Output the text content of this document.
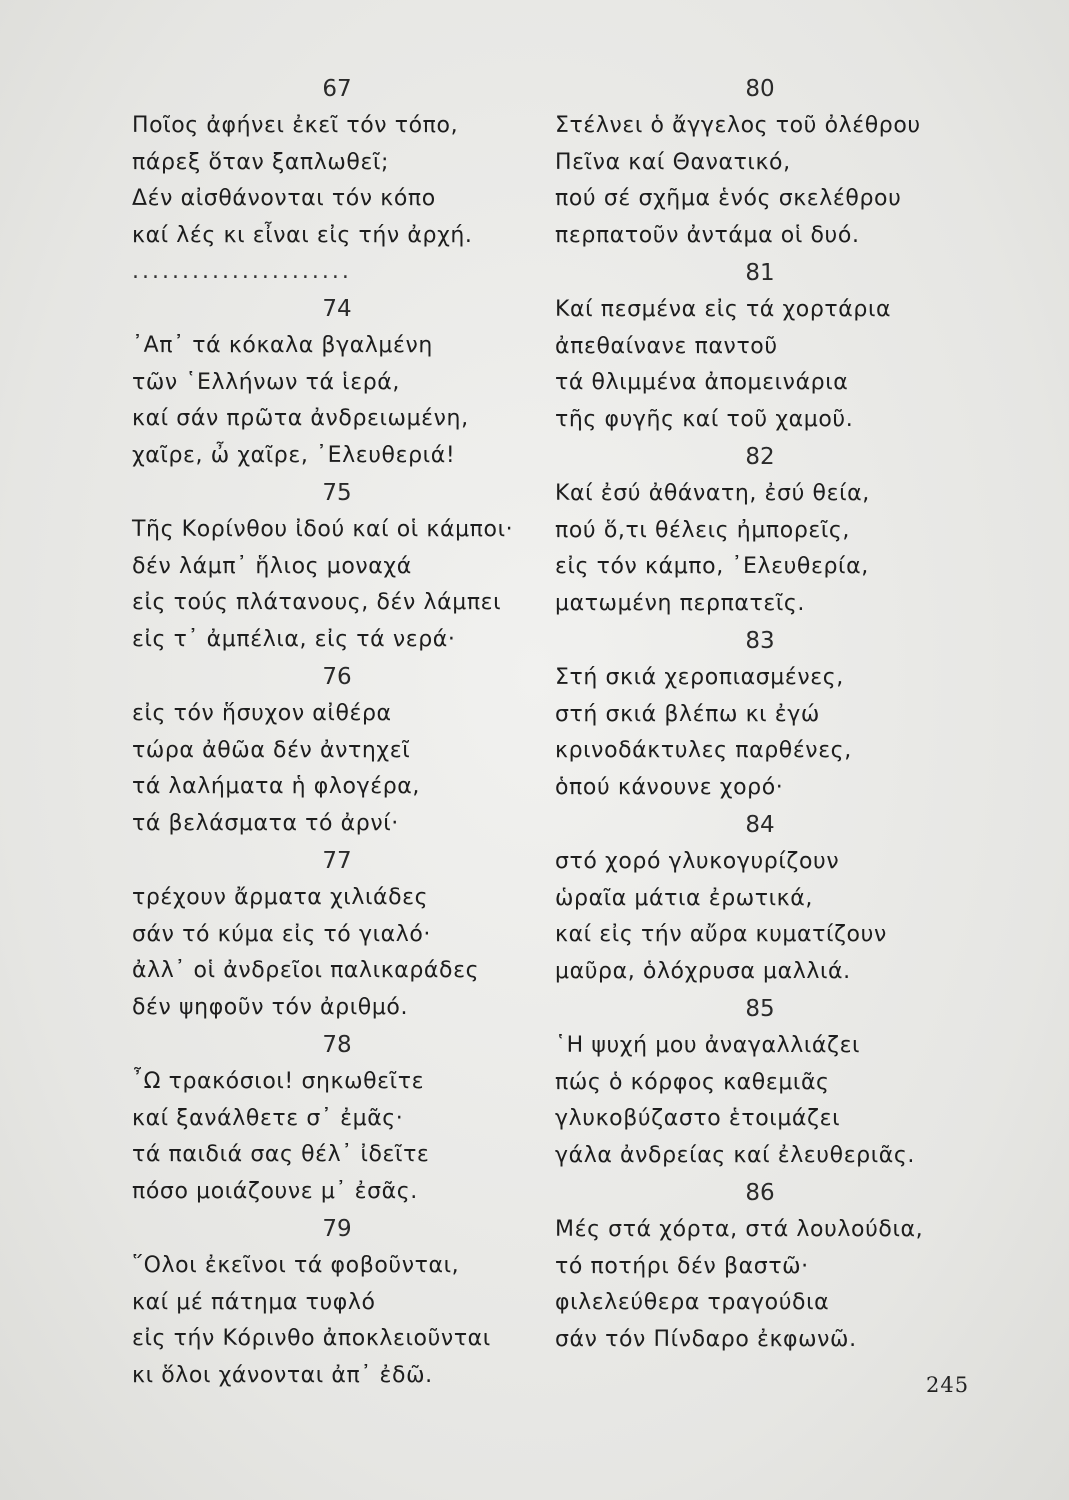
67
Ποῖος ἀφήνει ἐκεῖ τόν τόπο,
πάρεξ ὅταν ξαπλωθεῖ;
Δέν αἰσθάνονται τόν κόπο
καί λές κι εἶναι εἰς τήν ἀρχή.
......................
74
᾿Απ᾿ τά κόκαλα βγαλμένη
τῶν ῾Ελλήνων τά ἱερά,
καί σάν πρῶτα ἀνδρειωμένη,
χαῖρε, ὦ χαῖρε, ᾿Ελευθεριά!
75
Τῆς Κορίνθου ἰδού καί οἱ κάμποι·
δέν λάμπ᾿ ἥλιος μοναχά
εἰς τούς πλάτανους, δέν λάμπει
εἰς τ᾿ ἀμπέλια, εἰς τά νερά·
76
εἰς τόν ἥσυχον αἰθέρα
τώρα ἀθῶα δέν ἀντηχεῖ
τά λαλήματα ἡ φλογέρα,
τά βελάσματα τό ἀρνί·
77
τρέχουν ἄρματα χιλιάδες
σάν τό κύμα εἰς τό γιαλό·
ἀλλ᾿ οἱ ἀνδρεῖοι παλικαράδες
δέν ψηφοῦν τόν ἀριθμό.
78
῏Ω τρακόσιοι! σηκωθεῖτε
καί ξανάλθετε σ᾿ ἐμᾶς·
τά παιδιά σας θέλ᾿ ἰδεῖτε
πόσο μοιάζουνε μ᾿ ἐσᾶς.
79
῞Ολοι ἐκεῖνοι τά φοβοῦνται,
καί μέ πάτημα τυφλό
εἰς τήν Κόρινθο ἀποκλειοῦνται
κι ὅλοι χάνονται ἀπ᾿ ἐδῶ.
80
Στέλνει ὁ ἄγγελος τοῦ ὀλέθρου
Πεῖνα καί Θανατικό,
πού σέ σχῆμα ἑνός σκελέθρου
περπατοῦν ἀντάμα οἱ δυό.
81
Καί πεσμένα εἰς τά χορτάρια
ἀπεθαίνανε παντοῦ
τά θλιμμένα ἀπομεινάρια
τῆς φυγῆς καί τοῦ χαμοῦ.
82
Καί ἐσύ ἀθάνατη, ἐσύ θεία,
πού ὅ,τι θέλεις ἠμπορεῖς,
εἰς τόν κάμπο, ᾿Ελευθερία,
ματωμένη περπατεῖς.
83
Στή σκιά χεροπιασμένες,
στή σκιά βλέπω κι ἐγώ
κρινοδάκτυλες παρθένες,
ὁπού κάνουνε χορό·
84
στό χορό γλυκογυρίζουν
ὡραῖα μάτια ἐρωτικά,
καί εἰς τήν αὔρα κυματίζουν
μαῦρα, ὁλόχρυσα μαλλιά.
85
῾Η ψυχή μου ἀναγαλλιάζει
πώς ὁ κόρφος καθεμιᾶς
γλυκοβύζαστο ἑτοιμάζει
γάλα ἀνδρείας καί ἐλευθεριᾶς.
86
Μές στά χόρτα, στά λουλούδια,
τό ποτήρι δέν βαστῶ·
φιλελεύθερα τραγούδια
σάν τόν Πίνδαρο ἐκφωνῶ.
245
